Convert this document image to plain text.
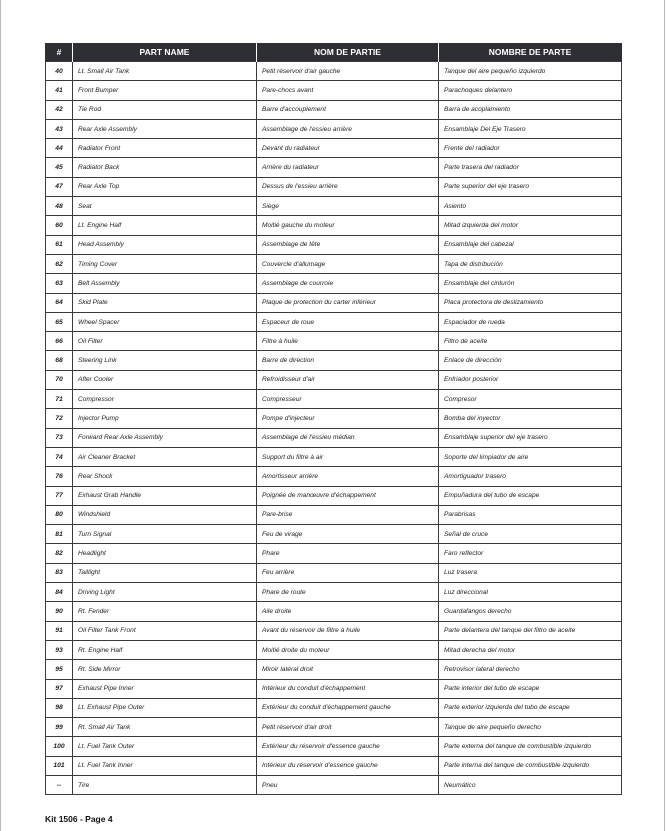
#	PART NAME	NOM DE PARTIE	NOMBRE DE PARTE
40	Lt. Small Air Tank	Petit réservoir d'air gauche	Tanque del aire pequeño izquierdo
41	Front Bumper	Pare-chocs avant	Parachoques delantero
42	Tie Rod	Barre d'accouplement	Barra de acoplamiento
43	Rear Axle Assembly	Assemblage de l'essieu arrière	Ensamblaje Del Eje Trasero
44	Radiator Front	Devant du radiateur	Frente del radiador
45	Radiator Back	Arrière du radiateur	Parte trasera del radiador
47	Rear Axle Top	Dessus de l'essieu arrière	Parte superior del eje trasero
48	Seat	Siège	Asiento
60	Lt. Engine Half	Moitié gauche du moteur	Mitad izquierda del motor
61	Head Assembly	Assemblage de tête	Ensamblaje del cabezal
62	Timing Cover	Couvercle d'allumage	Tapa de distribución
63	Belt Assembly	Assemblage de courroie	Ensamblaje del cinturón
64	Skid Plate	Plaque de protection du carter inférieur	Placa protectora de deslizamiento
65	Wheel Spacer	Espaceur de roue	Espaciador de rueda
66	Oil Filter	Filtre à huile	Filtro de aceite
68	Steering Link	Barre de direction	Enlace de dirección
70	After Cooler	Refroidisseur d'air	Enfriador posterior
71	Compressor	Compresseur	Compresor
72	Injector Pump	Pompe d'injecteur	Bomba del inyector
73	Forward Rear Axle Assembly	Assemblage de l'essieu médian	Ensamblaje superior del eje trasero
74	Air Cleaner Bracket	Support du filtre à air	Soporte del limpiador de aire
76	Rear Shock	Amortisseur arrière	Amortiguador trasero
77	Exhaust Grab Handle	Poignée de manœuvre d'échappement	Empuñadura del tubo de escape
80	Windshield	Pare-brise	Parabrisas
81	Turn Signal	Feu de virage	Señal de cruce
82	Headlight	Phare	Faro reflector
83	Taillight	Feu arrière	Luz trasera
84	Driving Light	Phare de route	Luz direccional
90	Rt. Fender	Aile droite	Guardafangos derecho
91	Oil Filter Tank Front	Avant du réservoir de filtre à huile	Parte delantera del tanque del filtro de aceite
93	Rt. Engine Half	Moitié droite du moteur	Mitad derecha del motor
95	Rt. Side Mirror	Miroir latéral droit	Retrovisor lateral derecho
97	Exhaust Pipe Inner	Intérieur du conduit d'échappement	Parte interior del tubo de escape
98	Lt. Exhaust Pipe Outer	Extérieur du conduit d'échappement gauche	Parte exterior izquierda del tubo de escape
99	Rt. Small Air Tank	Petit réservoir d'air droit	Tanque de aire pequeño derecho
100	Lt. Fuel Tank Outer	Extérieur du réservoir d'essence gauche	Parte externa del tanque de combustible izquierdo
101	Lt. Fuel Tank Inner	Intérieur du réservoir d'essence gauche	Parte interna del tanque de combustible izquierdo
--	Tire	Pneu	Neumático
Kit 1506 - Page 4
